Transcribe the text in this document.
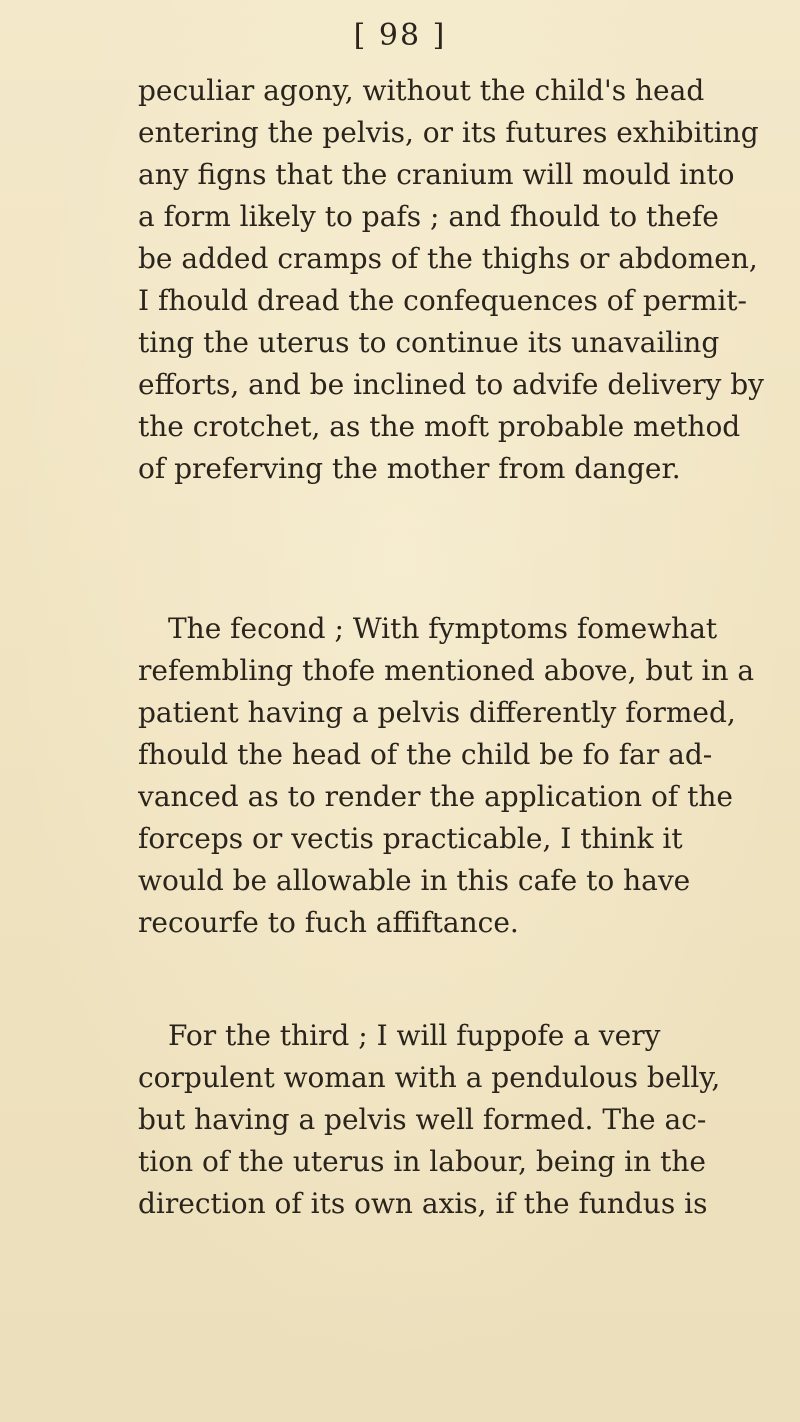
[ 98 ]
peculiar agony, without the child's head
entering the pelvis, or its futures exhibiting
any figns that the cranium will mould into
a form likely to pafs ; and fhould to thefe
be added cramps of the thighs or abdomen,
I fhould dread the confequences of permit-
ting the uterus to continue its unavailing
efforts, and be inclined to advife delivery by
the crotchet, as the moft probable method
of preferving the mother from danger.
The fecond ; With fymptoms fomewhat
refembling thofe mentioned above, but in a
patient having a pelvis differently formed,
fhould the head of the child be fo far ad-
vanced as to render the application of the
forceps or vectis practicable, I think it
would be allowable in this cafe to have
recourfe to fuch affiftance.
For the third ; I will fuppofe a very
corpulent woman with a pendulous belly,
but having a pelvis well formed. The ac-
tion of the uterus in labour, being in the
direction of its own axis, if the fundus is
